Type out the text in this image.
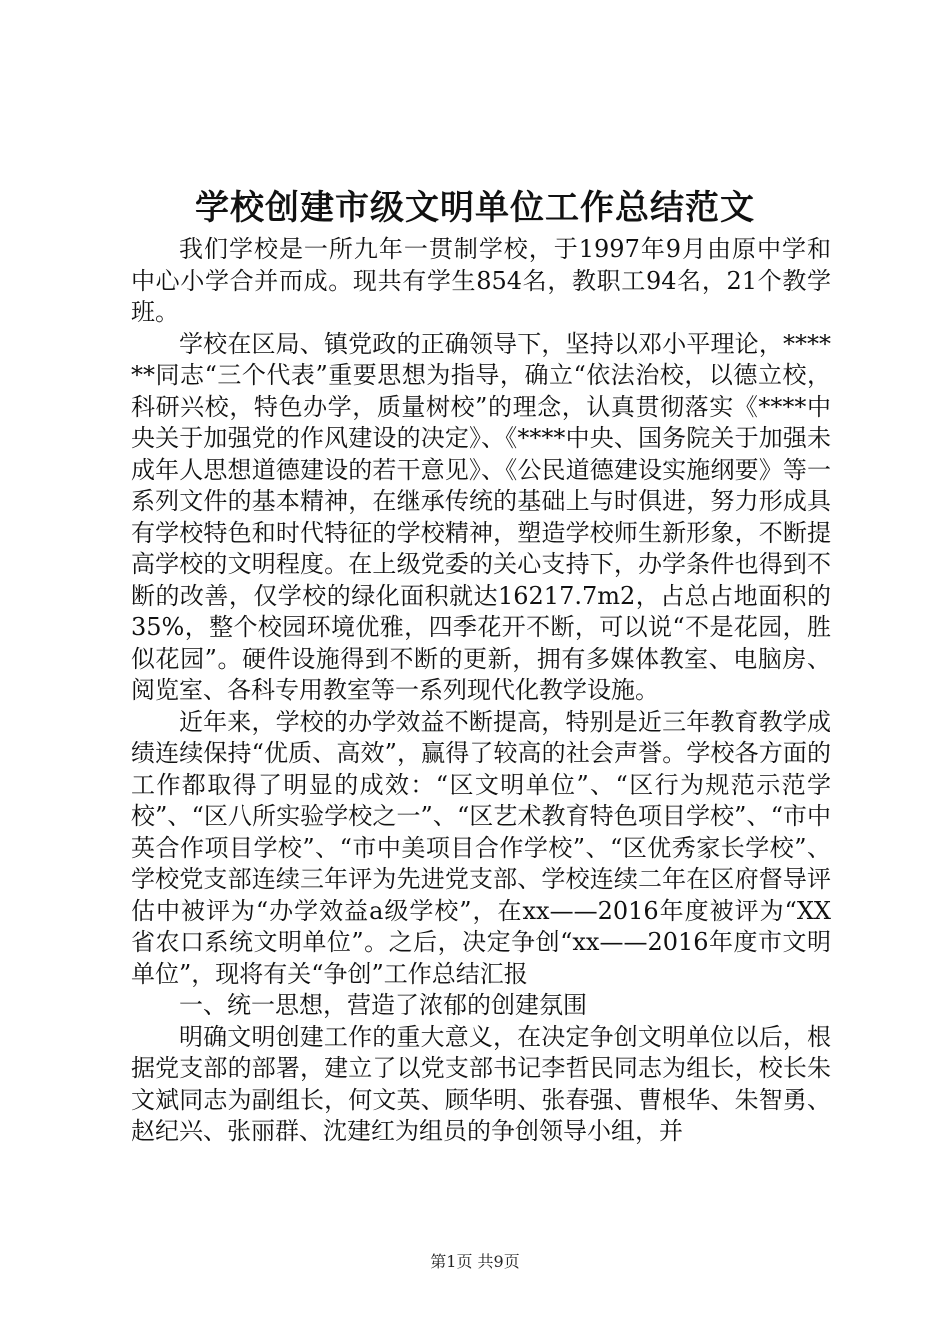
学校创建市级文明单位工作总结范文

我们学校是一所九年一贯制学校，于1997年9月由原中学和中心小学合并而成。现共有学生854名，教职工94名，21个教学班。

学校在区局、镇党政的正确领导下，坚持以邓小平理论，******同志“三个代表”重要思想为指导，确立“依法治校，以德立校，科研兴校，特色办学，质量树校”的理念，认真贯彻落实《****中央关于加强党的作风建设的决定》、《****中央、国务院关于加强未成年人思想道德建设的若干意见》、《公民道德建设实施纲要》等一系列文件的基本精神，在继承传统的基础上与时俱进，努力形成具有学校特色和时代特征的学校精神，塑造学校师生新形象，不断提高学校的文明程度。在上级党委的关心支持下，办学条件也得到不断的改善，仅学校的绿化面积就达16217.7m2，占总占地面积的35%，整个校园环境优雅，四季花开不断，可以说“不是花园，胜似花园”。硬件设施得到不断的更新，拥有多媒体教室、电脑房、阅览室、各科专用教室等一系列现代化教学设施。

近年来，学校的办学效益不断提高，特别是近三年教育教学成绩连续保持“优质、高效”，赢得了较高的社会声誉。学校各方面的工作都取得了明显的成效：“区文明单位”、“区行为规范示范学校”、“区八所实验学校之一”、“区艺术教育特色项目学校”、“市中英合作项目学校”、“市中美项目合作学校”、“区优秀家长学校”、学校党支部连续三年评为先进党支部、学校连续二年在区府督导评估中被评为“办学效益a级学校”，在xx——2016年度被评为“XX省农口系统文明单位”。之后，决定争创“xx——2016年度市文明单位”，现将有关“争创”工作总结汇报

一、统一思想，营造了浓郁的创建氛围

明确文明创建工作的重大意义，在决定争创文明单位以后，根据党支部的部署，建立了以党支部书记李哲民同志为组长，校长朱文斌同志为副组长，何文英、顾华明、张春强、曹根华、朱智勇、赵纪兴、张丽群、沈建红为组员的争创领导小组，并

第1页 共9页
